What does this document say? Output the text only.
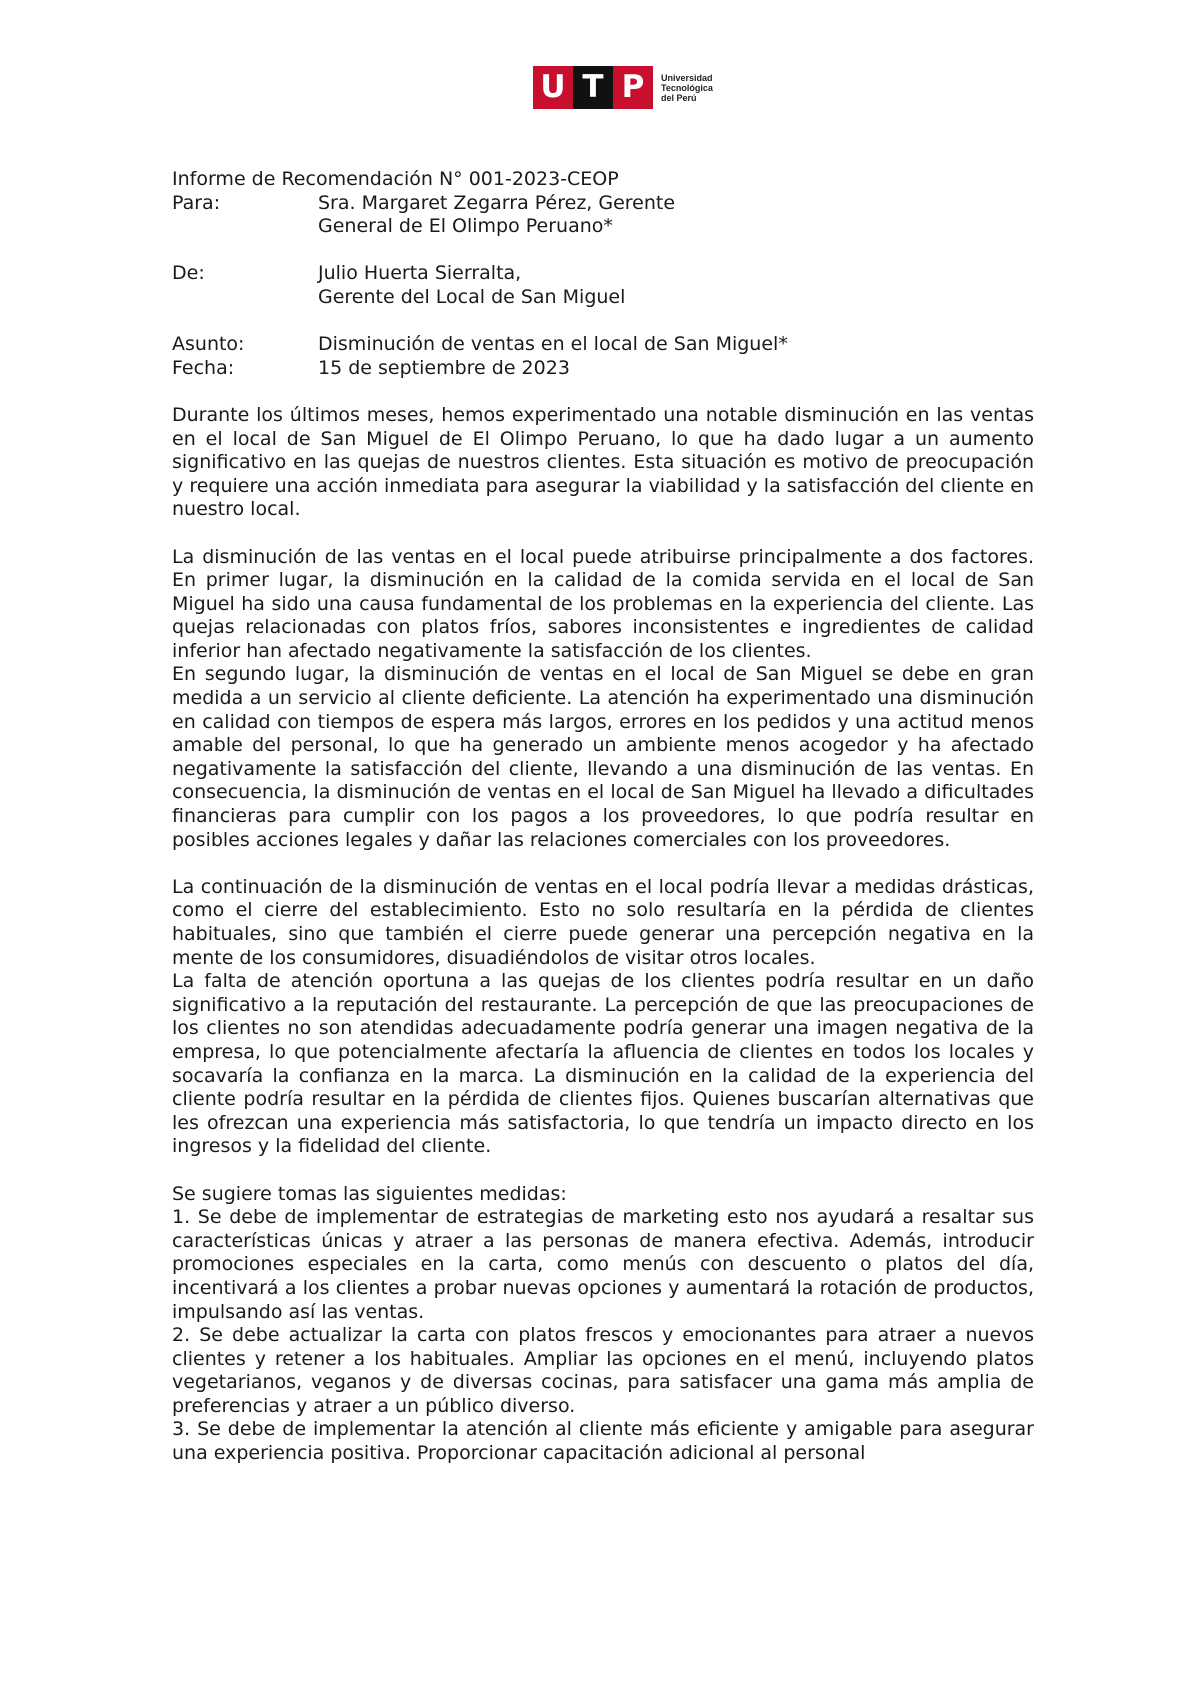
U T P	Universidad
Tecnológica
del Perú

Informe de Recomendación N° 001-2023-CEOP

Para:	Sra. Margaret Zegarra Pérez, Gerente
General de El Olimpo Peruano*
De:	Julio Huerta Sierralta,
Gerente del Local de San Miguel
Asunto:	Disminución de ventas en el local de San Miguel*
Fecha:	15 de septiembre de 2023

Durante los últimos meses, hemos experimentado una notable disminución en las ventas en el local de San Miguel de El Olimpo Peruano, lo que ha dado lugar a un aumento significativo en las quejas de nuestros clientes. Esta situación es motivo de preocupación y requiere una acción inmediata para asegurar la viabilidad y la satisfacción del cliente en nuestro local.

La disminución de las ventas en el local puede atribuirse principalmente a dos factores. En primer lugar, la disminución en la calidad de la comida servida en el local de San Miguel ha sido una causa fundamental de los problemas en la experiencia del cliente. Las quejas relacionadas con platos fríos, sabores inconsistentes e ingredientes de calidad inferior han afectado negativamente la satisfacción de los clientes.

En segundo lugar, la disminución de ventas en el local de San Miguel se debe en gran medida a un servicio al cliente deficiente. La atención ha experimentado una disminución en calidad con tiempos de espera más largos, errores en los pedidos y una actitud menos amable del personal, lo que ha generado un ambiente menos acogedor y ha afectado negativamente la satisfacción del cliente, llevando a una disminución de las ventas. En consecuencia, la disminución de ventas en el local de San Miguel ha llevado a dificultades financieras para cumplir con los pagos a los proveedores, lo que podría resultar en posibles acciones legales y dañar las relaciones comerciales con los proveedores.

La continuación de la disminución de ventas en el local podría llevar a medidas drásticas, como el cierre del establecimiento. Esto no solo resultaría en la pérdida de clientes habituales, sino que también el cierre puede generar una percepción negativa en la mente de los consumidores, disuadiéndolos de visitar otros locales.

La falta de atención oportuna a las quejas de los clientes podría resultar en un daño significativo a la reputación del restaurante. La percepción de que las preocupaciones de los clientes no son atendidas adecuadamente podría generar una imagen negativa de la empresa, lo que potencialmente afectaría la afluencia de clientes en todos los locales y socavaría la confianza en la marca. La disminución en la calidad de la experiencia del cliente podría resultar en la pérdida de clientes fijos. Quienes buscarían alternativas que les ofrezcan una experiencia más satisfactoria, lo que tendría un impacto directo en los ingresos y la fidelidad del cliente.

Se sugiere tomas las siguientes medidas:

1. Se debe de implementar de estrategias de marketing esto nos ayudará a resaltar sus características únicas y atraer a las personas de manera efectiva. Además, introducir promociones especiales en la carta, como menús con descuento o platos del día, incentivará a los clientes a probar nuevas opciones y aumentará la rotación de productos, impulsando así las ventas.

2. Se debe actualizar la carta con platos frescos y emocionantes para atraer a nuevos clientes y retener a los habituales. Ampliar las opciones en el menú, incluyendo platos vegetarianos, veganos y de diversas cocinas, para satisfacer una gama más amplia de preferencias y atraer a un público diverso.

3. Se debe de implementar la atención al cliente más eficiente y amigable para asegurar una experiencia positiva. Proporcionar capacitación adicional al personal
